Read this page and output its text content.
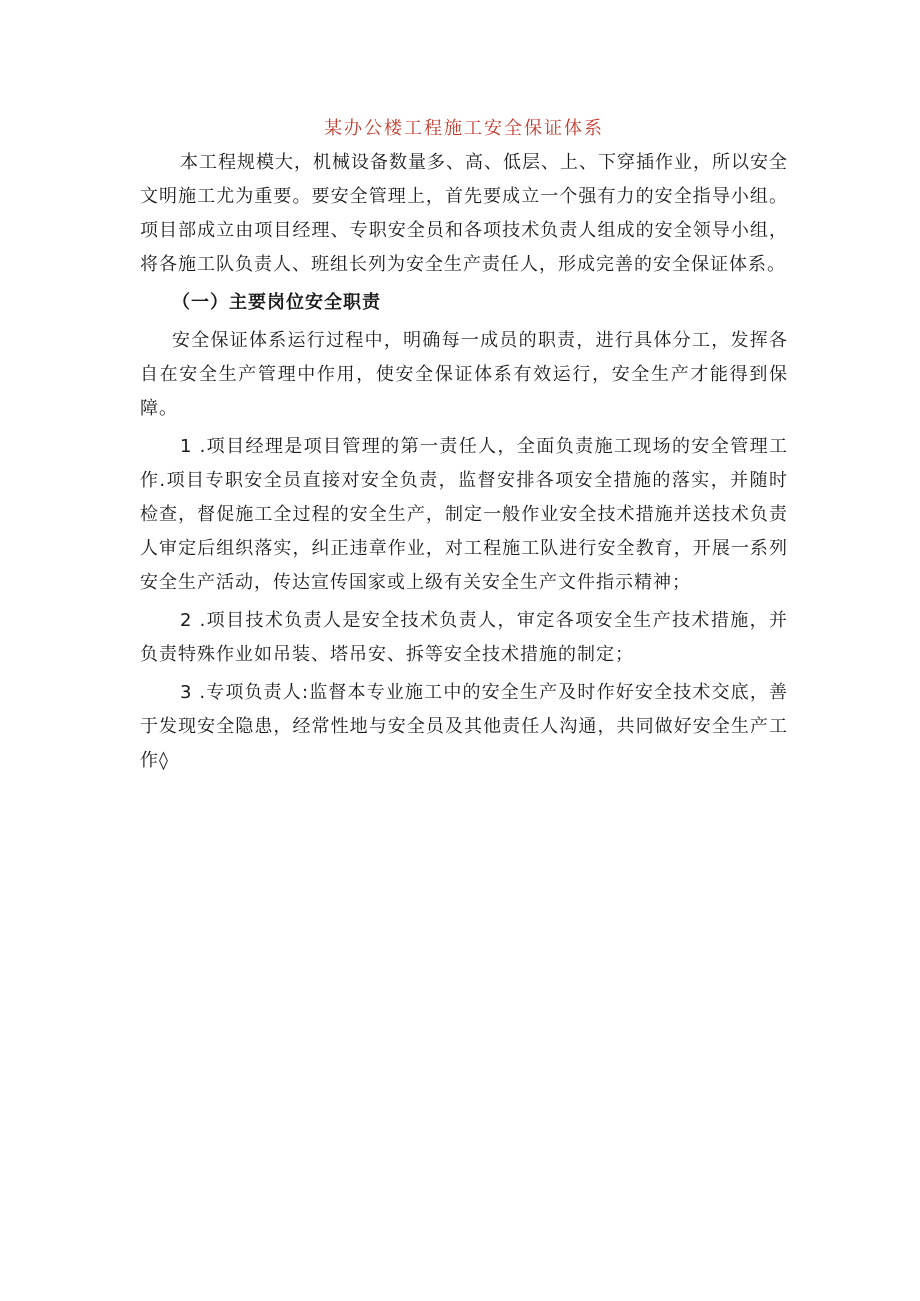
某办公楼工程施工安全保证体系

本工程规模大，机械设备数量多、高、低层、上、下穿插作业，所以安全文明施工尤为重要。要安全管理上，首先要成立一个强有力的安全指导小组。项目部成立由项目经理、专职安全员和各项技术负责人组成的安全领导小组，将各施工队负责人、班组长列为安全生产责任人，形成完善的安全保证体系。

（一）主要岗位安全职责

安全保证体系运行过程中，明确每一成员的职责，进行具体分工，发挥各自在安全生产管理中作用，使安全保证体系有效运行，安全生产才能得到保障。

1 .项目经理是项目管理的第一责任人，全面负责施工现场的安全管理工作.项目专职安全员直接对安全负责，监督安排各项安全措施的落实，并随时检查，督促施工全过程的安全生产，制定一般作业安全技术措施并送技术负责人审定后组织落实，纠正违章作业，对工程施工队进行安全教育，开展一系列安全生产活动，传达宣传国家或上级有关安全生产文件指示精神；

2 .项目技术负责人是安全技术负责人，审定各项安全生产技术措施，并负责特殊作业如吊装、塔吊安、拆等安全技术措施的制定；

3 .专项负责人:监督本专业施工中的安全生产及时作好安全技术交底，善于发现安全隐患，经常性地与安全员及其他责任人沟通，共同做好安全生产工作◊
